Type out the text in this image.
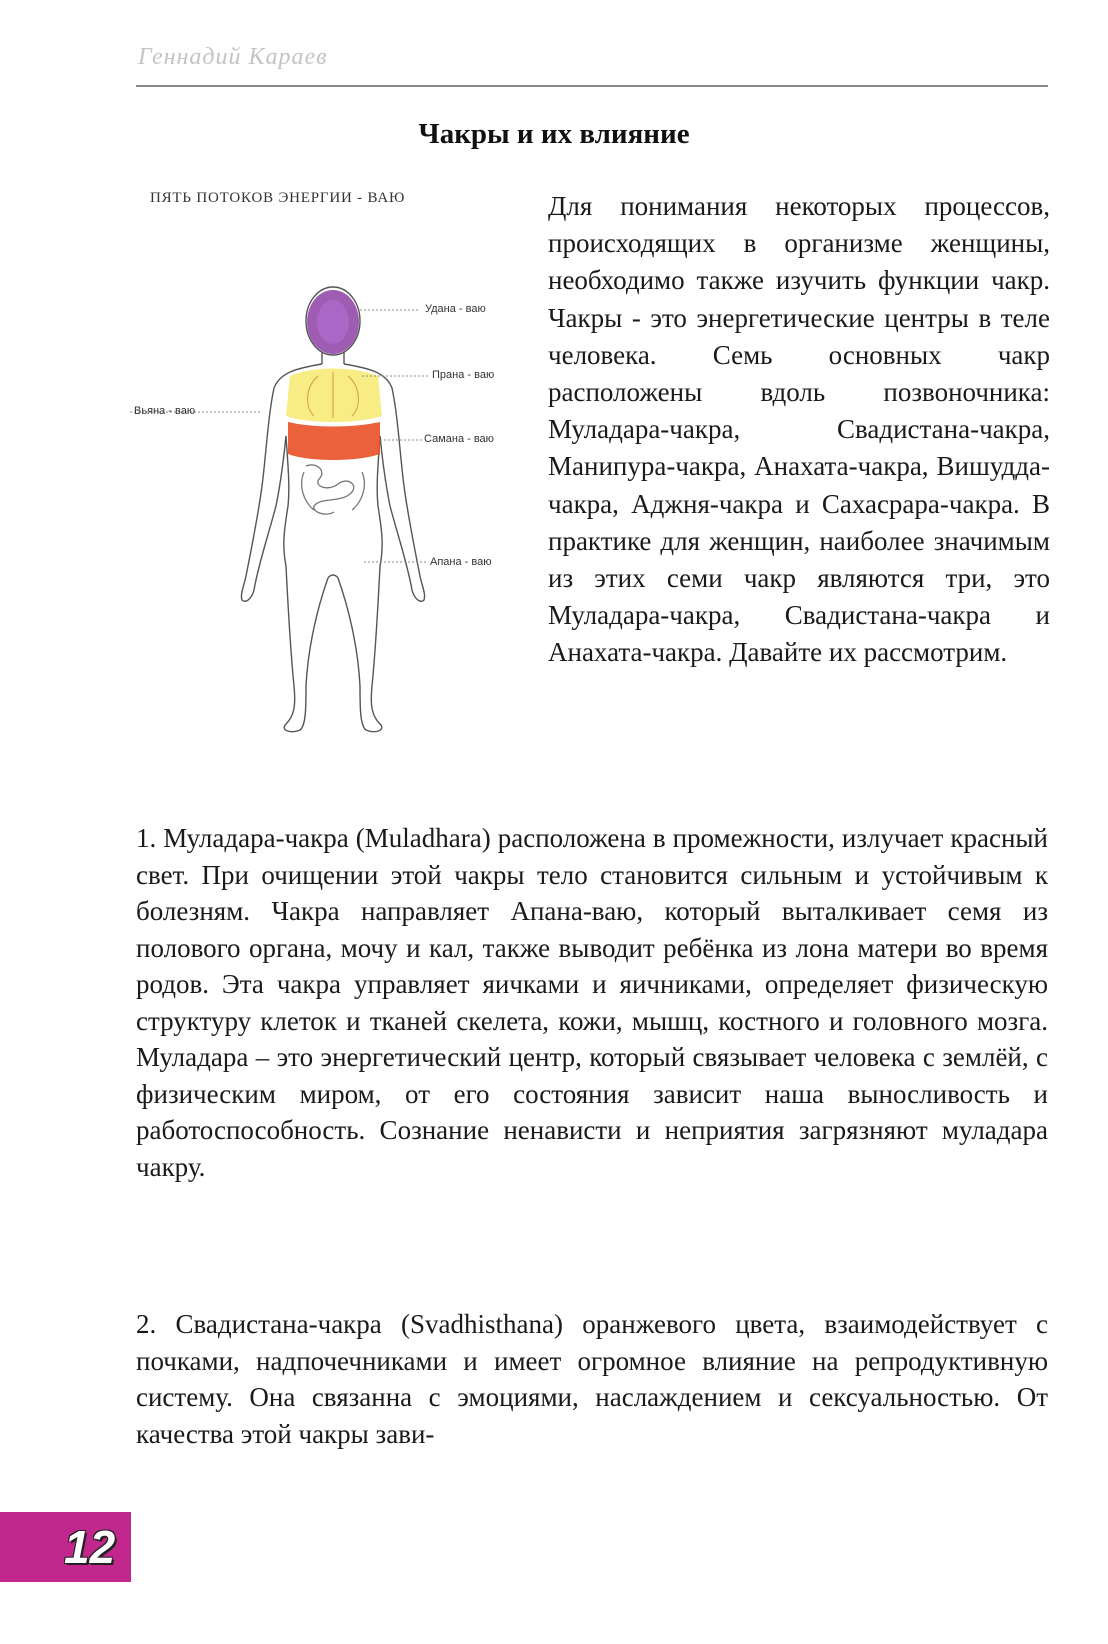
Геннадий Караев
Чакры и их влияние
ПЯТЬ ПОТОКОВ ЭНЕРГИИ - ВАЮ
Удана - ваю
Прана - ваю
Вьяна - ваю
Самана - ваю
Апана - ваю

Для понимания некоторых процессов, происходящих в организме женщины, необходимо также изучить функции чакр. Чакры - это энергетические центры в теле человека. Семь основных чакр расположены вдоль позвоночника: Муладара-чакра, Свадистана-чакра, Манипура-чакра, Анахата-чакра, Вишудда-чакра, Аджня-чакра и Сахасрара-чакра. В практике для женщин, наиболее значимым из этих семи чакр являются три, это Муладара-чакра, Свадистана-чакра и Анахата-чакра. Давайте их рассмотрим.

1. Муладара-чакра (Muladhara) расположена в промежности, излучает красный свет. При очищении этой чакры тело становится сильным и устойчивым к болезням. Чакра направляет Апана-ваю, который выталкивает семя из полового органа, мочу и кал, также выводит ребёнка из лона матери во время родов. Эта чакра управляет яичками и яичниками, определяет физическую структуру клеток и тканей скелета, кожи, мышц, костного и головного мозга. Муладара – это энергетический центр, который связывает человека с землёй, с физическим миром, от его состояния зависит наша выносливость и работоспособность. Сознание ненависти и неприятия загрязняют муладара чакру.

2. Свадистана-чакра (Svadhisthana) оранжевого цвета, взаимодействует с почками, надпочечниками и имеет огромное влияние на репродуктивную систему. Она связанна с эмоциями, наслаждением и сексуальностью. От качества этой чакры зави-

12
